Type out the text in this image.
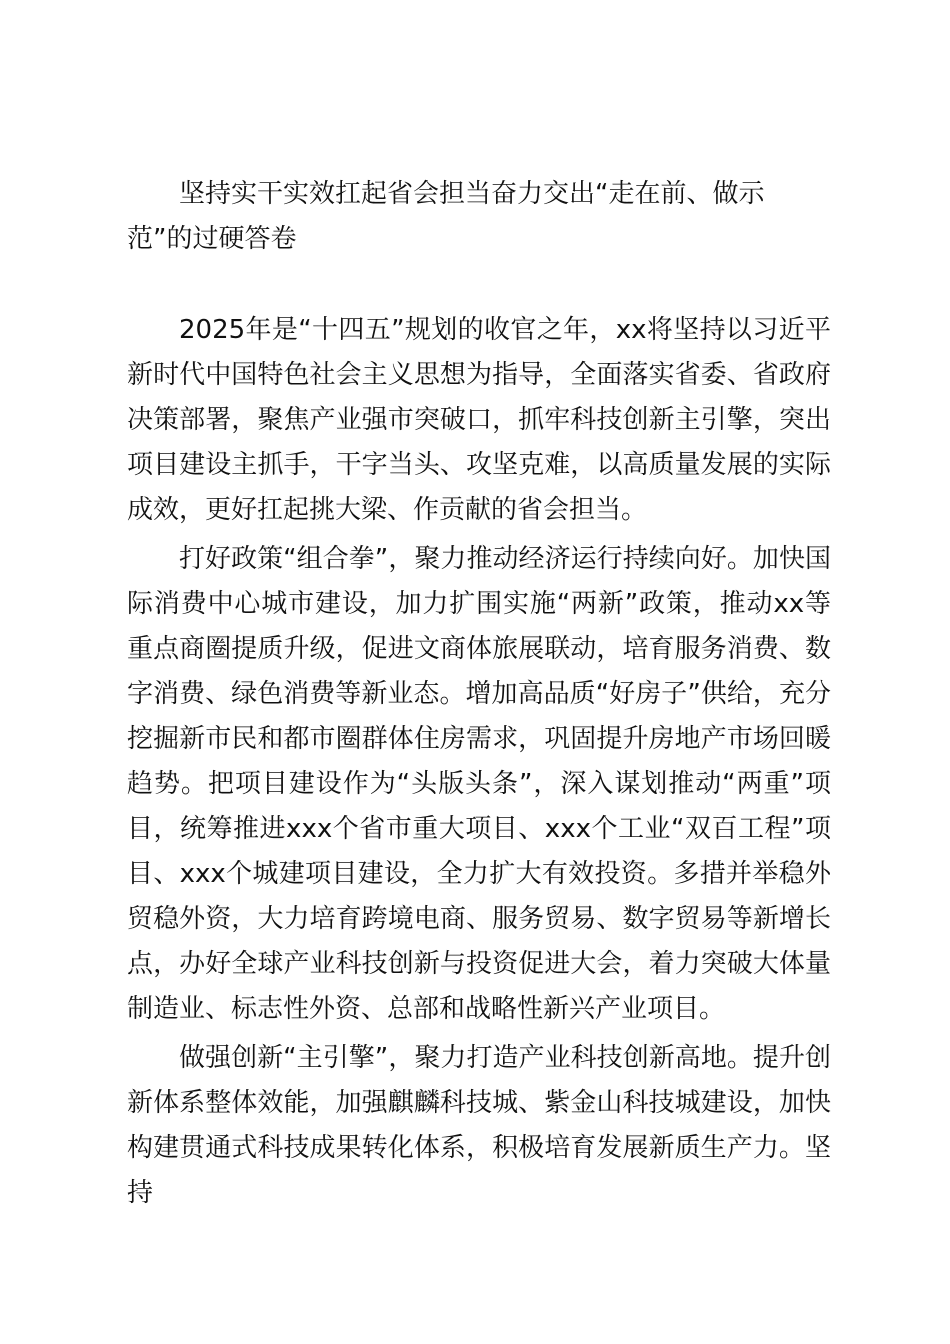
坚持实干实效扛起省会担当奋力交出“走在前、做示范”的过硬答卷

2025年是“十四五”规划的收官之年，xx将坚持以习近平新时代中国特色社会主义思想为指导，全面落实省委、省政府决策部署，聚焦产业强市突破口，抓牢科技创新主引擎，突出项目建设主抓手，干字当头、攻坚克难，以高质量发展的实际成效，更好扛起挑大梁、作贡献的省会担当。

打好政策“组合拳”，聚力推动经济运行持续向好。加快国际消费中心城市建设，加力扩围实施“两新”政策，推动xx等重点商圈提质升级，促进文商体旅展联动，培育服务消费、数字消费、绿色消费等新业态。增加高品质“好房子”供给，充分挖掘新市民和都市圈群体住房需求，巩固提升房地产市场回暖趋势。把项目建设作为“头版头条”，深入谋划推动“两重”项目，统筹推进xxx个省市重大项目、xxx个工业“双百工程”项目、xxx个城建项目建设，全力扩大有效投资。多措并举稳外贸稳外资，大力培育跨境电商、服务贸易、数字贸易等新增长点，办好全球产业科技创新与投资促进大会，着力突破大体量制造业、标志性外资、总部和战略性新兴产业项目。

做强创新“主引擎”，聚力打造产业科技创新高地。提升创新体系整体效能，加强麒麟科技城、紫金山科技城建设，加快构建贯通式科技成果转化体系，积极培育发展新质生产力。坚持
